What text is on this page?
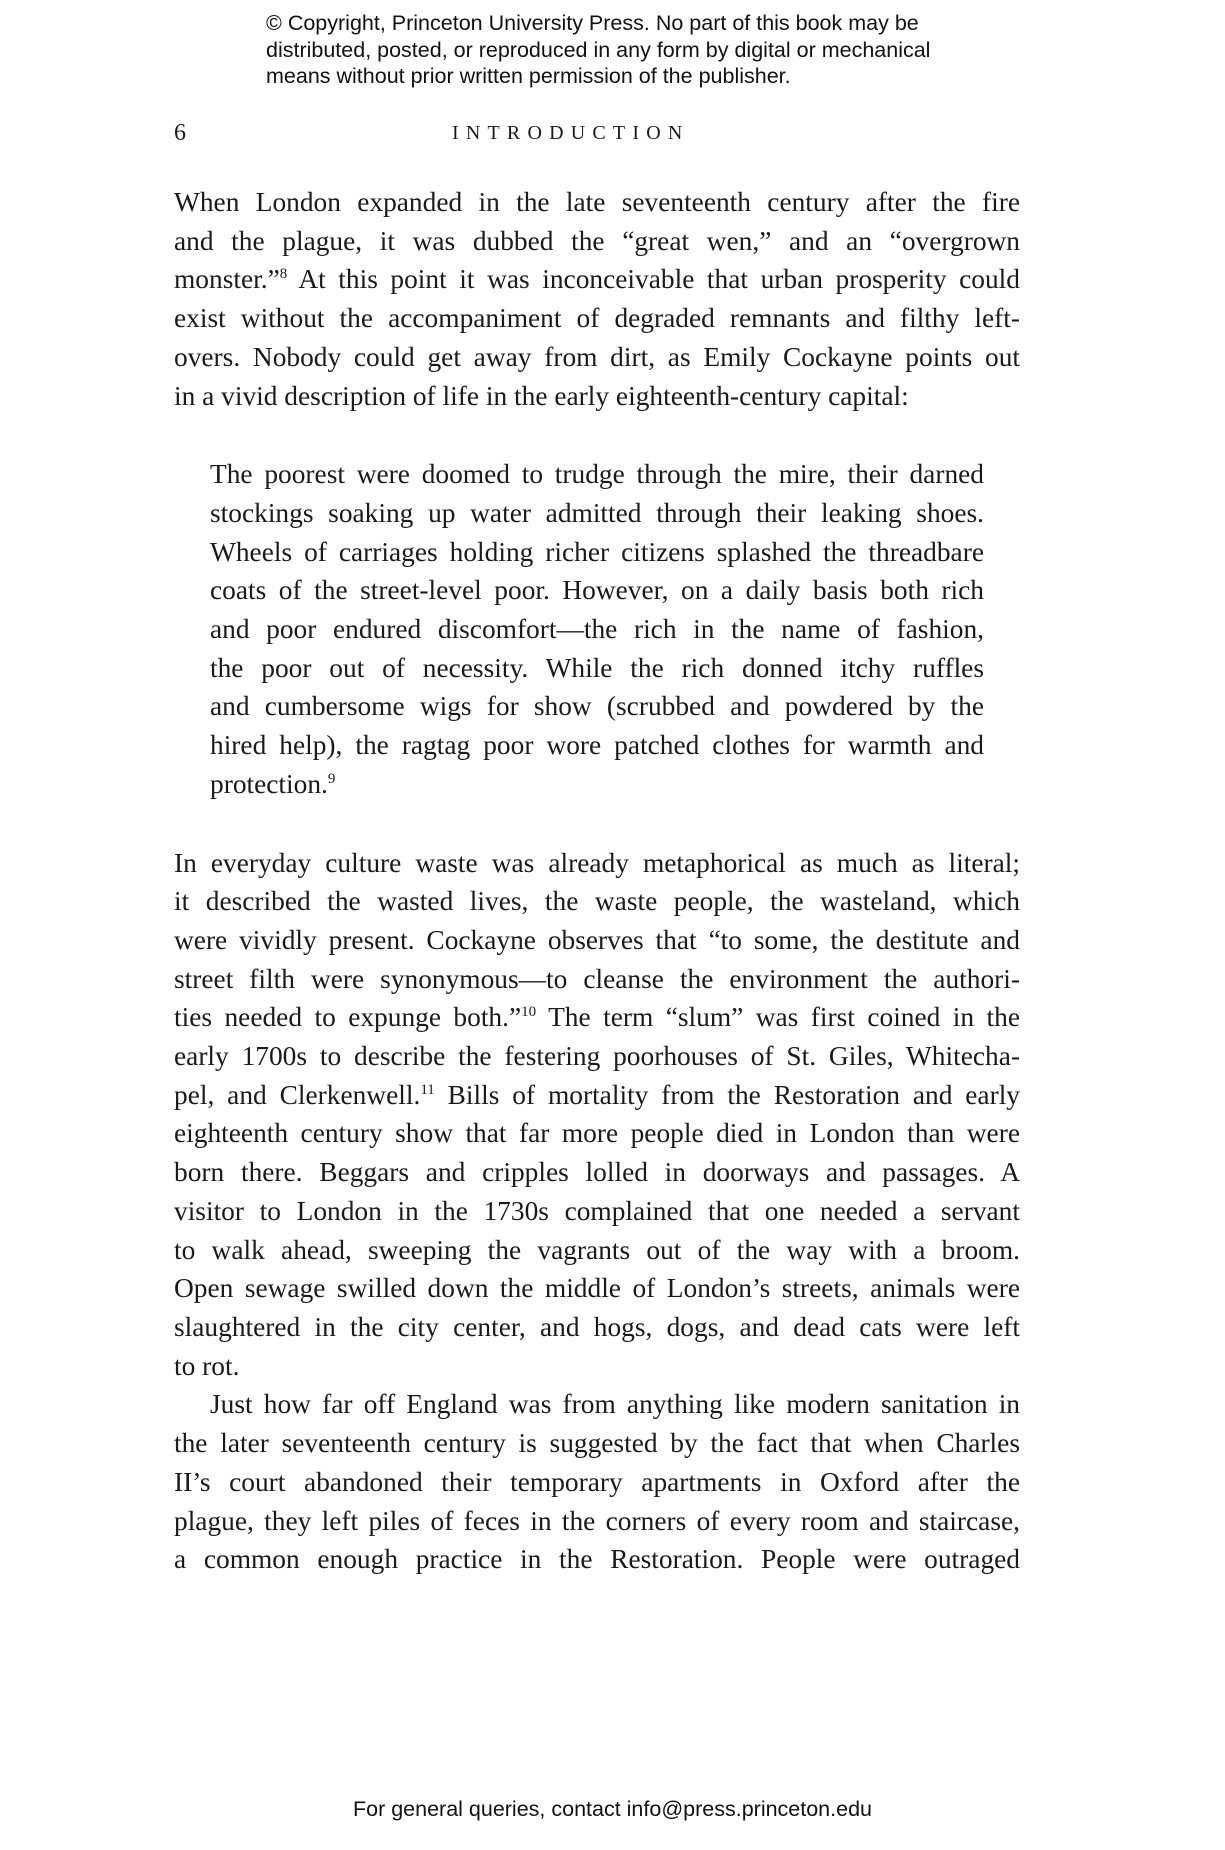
© Copyright, Princeton University Press. No part of this book may be
distributed, posted, or reproduced in any form by digital or mechanical
means without prior written permission of the publisher.
6	INTRODUCTION

When London expanded in the late seventeenth century after the fire
and the plague, it was dubbed the “great wen,” and an “overgrown
monster.”$^8$ At this point it was inconceivable that urban prosperity could
exist without the accompaniment of degraded remnants and filthy left-
overs. Nobody could get away from dirt, as Emily Cockayne points out
in a vivid description of life in the early eighteenth-century capital:

The poorest were doomed to trudge through the mire, their darned
stockings soaking up water admitted through their leaking shoes.
Wheels of carriages holding richer citizens splashed the threadbare
coats of the street-level poor. However, on a daily basis both rich
and poor endured discomfort—the rich in the name of fashion,
the poor out of necessity. While the rich donned itchy ruffles
and cumbersome wigs for show (scrubbed and powdered by the
hired help), the ragtag poor wore patched clothes for warmth and
protection.$^9$

In everyday culture waste was already metaphorical as much as literal;
it described the wasted lives, the waste people, the wasteland, which
were vividly present. Cockayne observes that “to some, the destitute and
street filth were synonymous—to cleanse the environment the authori-
ties needed to expunge both.”$^{10}$ The term “slum” was first coined in the
early 1700s to describe the festering poorhouses of St. Giles, Whitecha-
pel, and Clerkenwell.$^{11}$ Bills of mortality from the Restoration and early
eighteenth century show that far more people died in London than were
born there. Beggars and cripples lolled in doorways and passages. A
visitor to London in the 1730s complained that one needed a servant
to walk ahead, sweeping the vagrants out of the way with a broom.
Open sewage swilled down the middle of London’s streets, animals were
slaughtered in the city center, and hogs, dogs, and dead cats were left
to rot.

Just how far off England was from anything like modern sanitation in
the later seventeenth century is suggested by the fact that when Charles
II’s court abandoned their temporary apartments in Oxford after the
plague, they left piles of feces in the corners of every room and staircase,
a common enough practice in the Restoration. People were outraged

For general queries, contact info@press.princeton.edu
